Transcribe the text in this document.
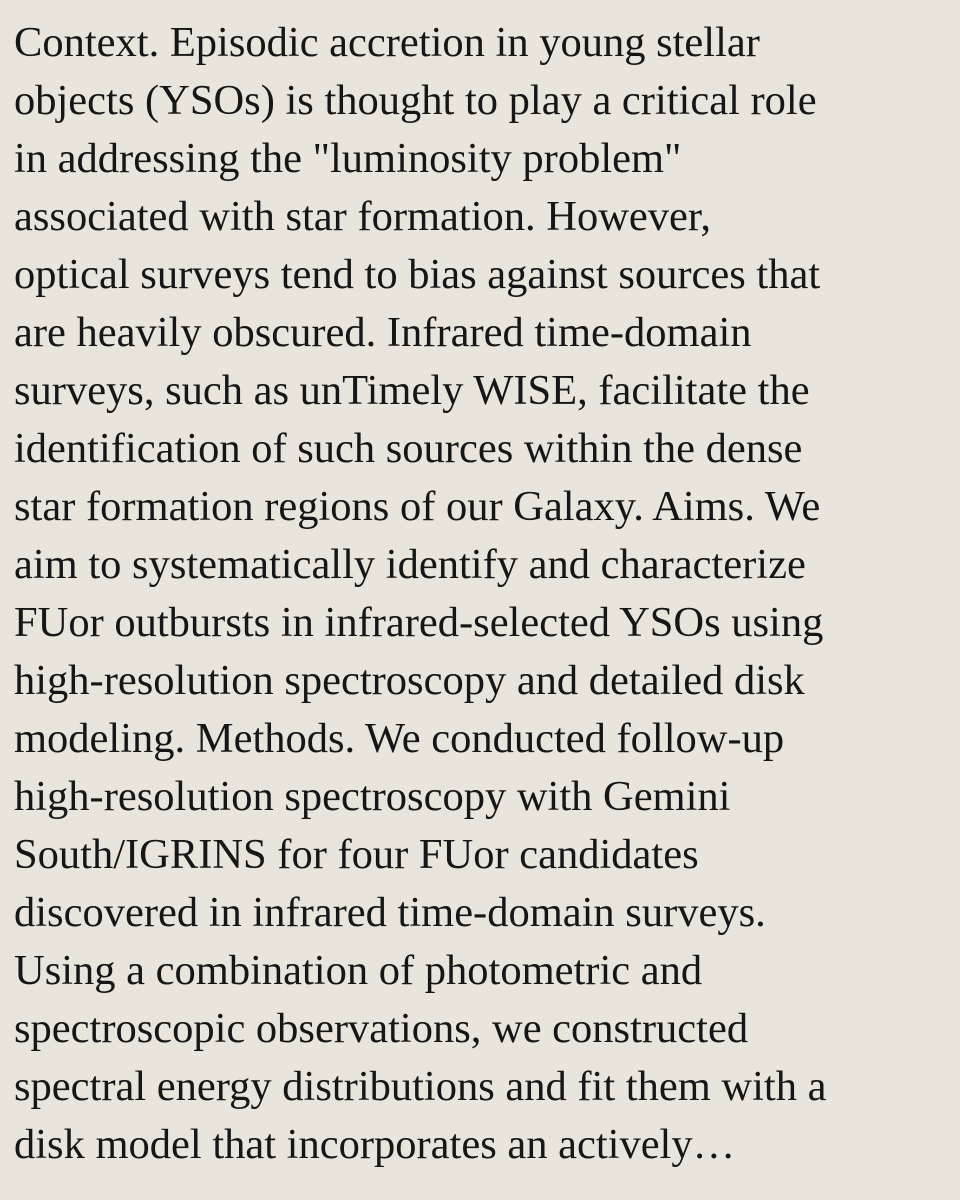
Context. Episodic accretion in young stellar
objects (YSOs) is thought to play a critical role
in addressing the "luminosity problem"
associated with star formation. However,
optical surveys tend to bias against sources that
are heavily obscured. Infrared time-domain
surveys, such as unTimely WISE, facilitate the
identification of such sources within the dense
star formation regions of our Galaxy. Aims. We
aim to systematically identify and characterize
FUor outbursts in infrared-selected YSOs using
high-resolution spectroscopy and detailed disk
modeling. Methods. We conducted follow-up
high-resolution spectroscopy with Gemini
South/IGRINS for four FUor candidates
discovered in infrared time-domain surveys.
Using a combination of photometric and
spectroscopic observations, we constructed
spectral energy distributions and fit them with a
disk model that incorporates an actively…
